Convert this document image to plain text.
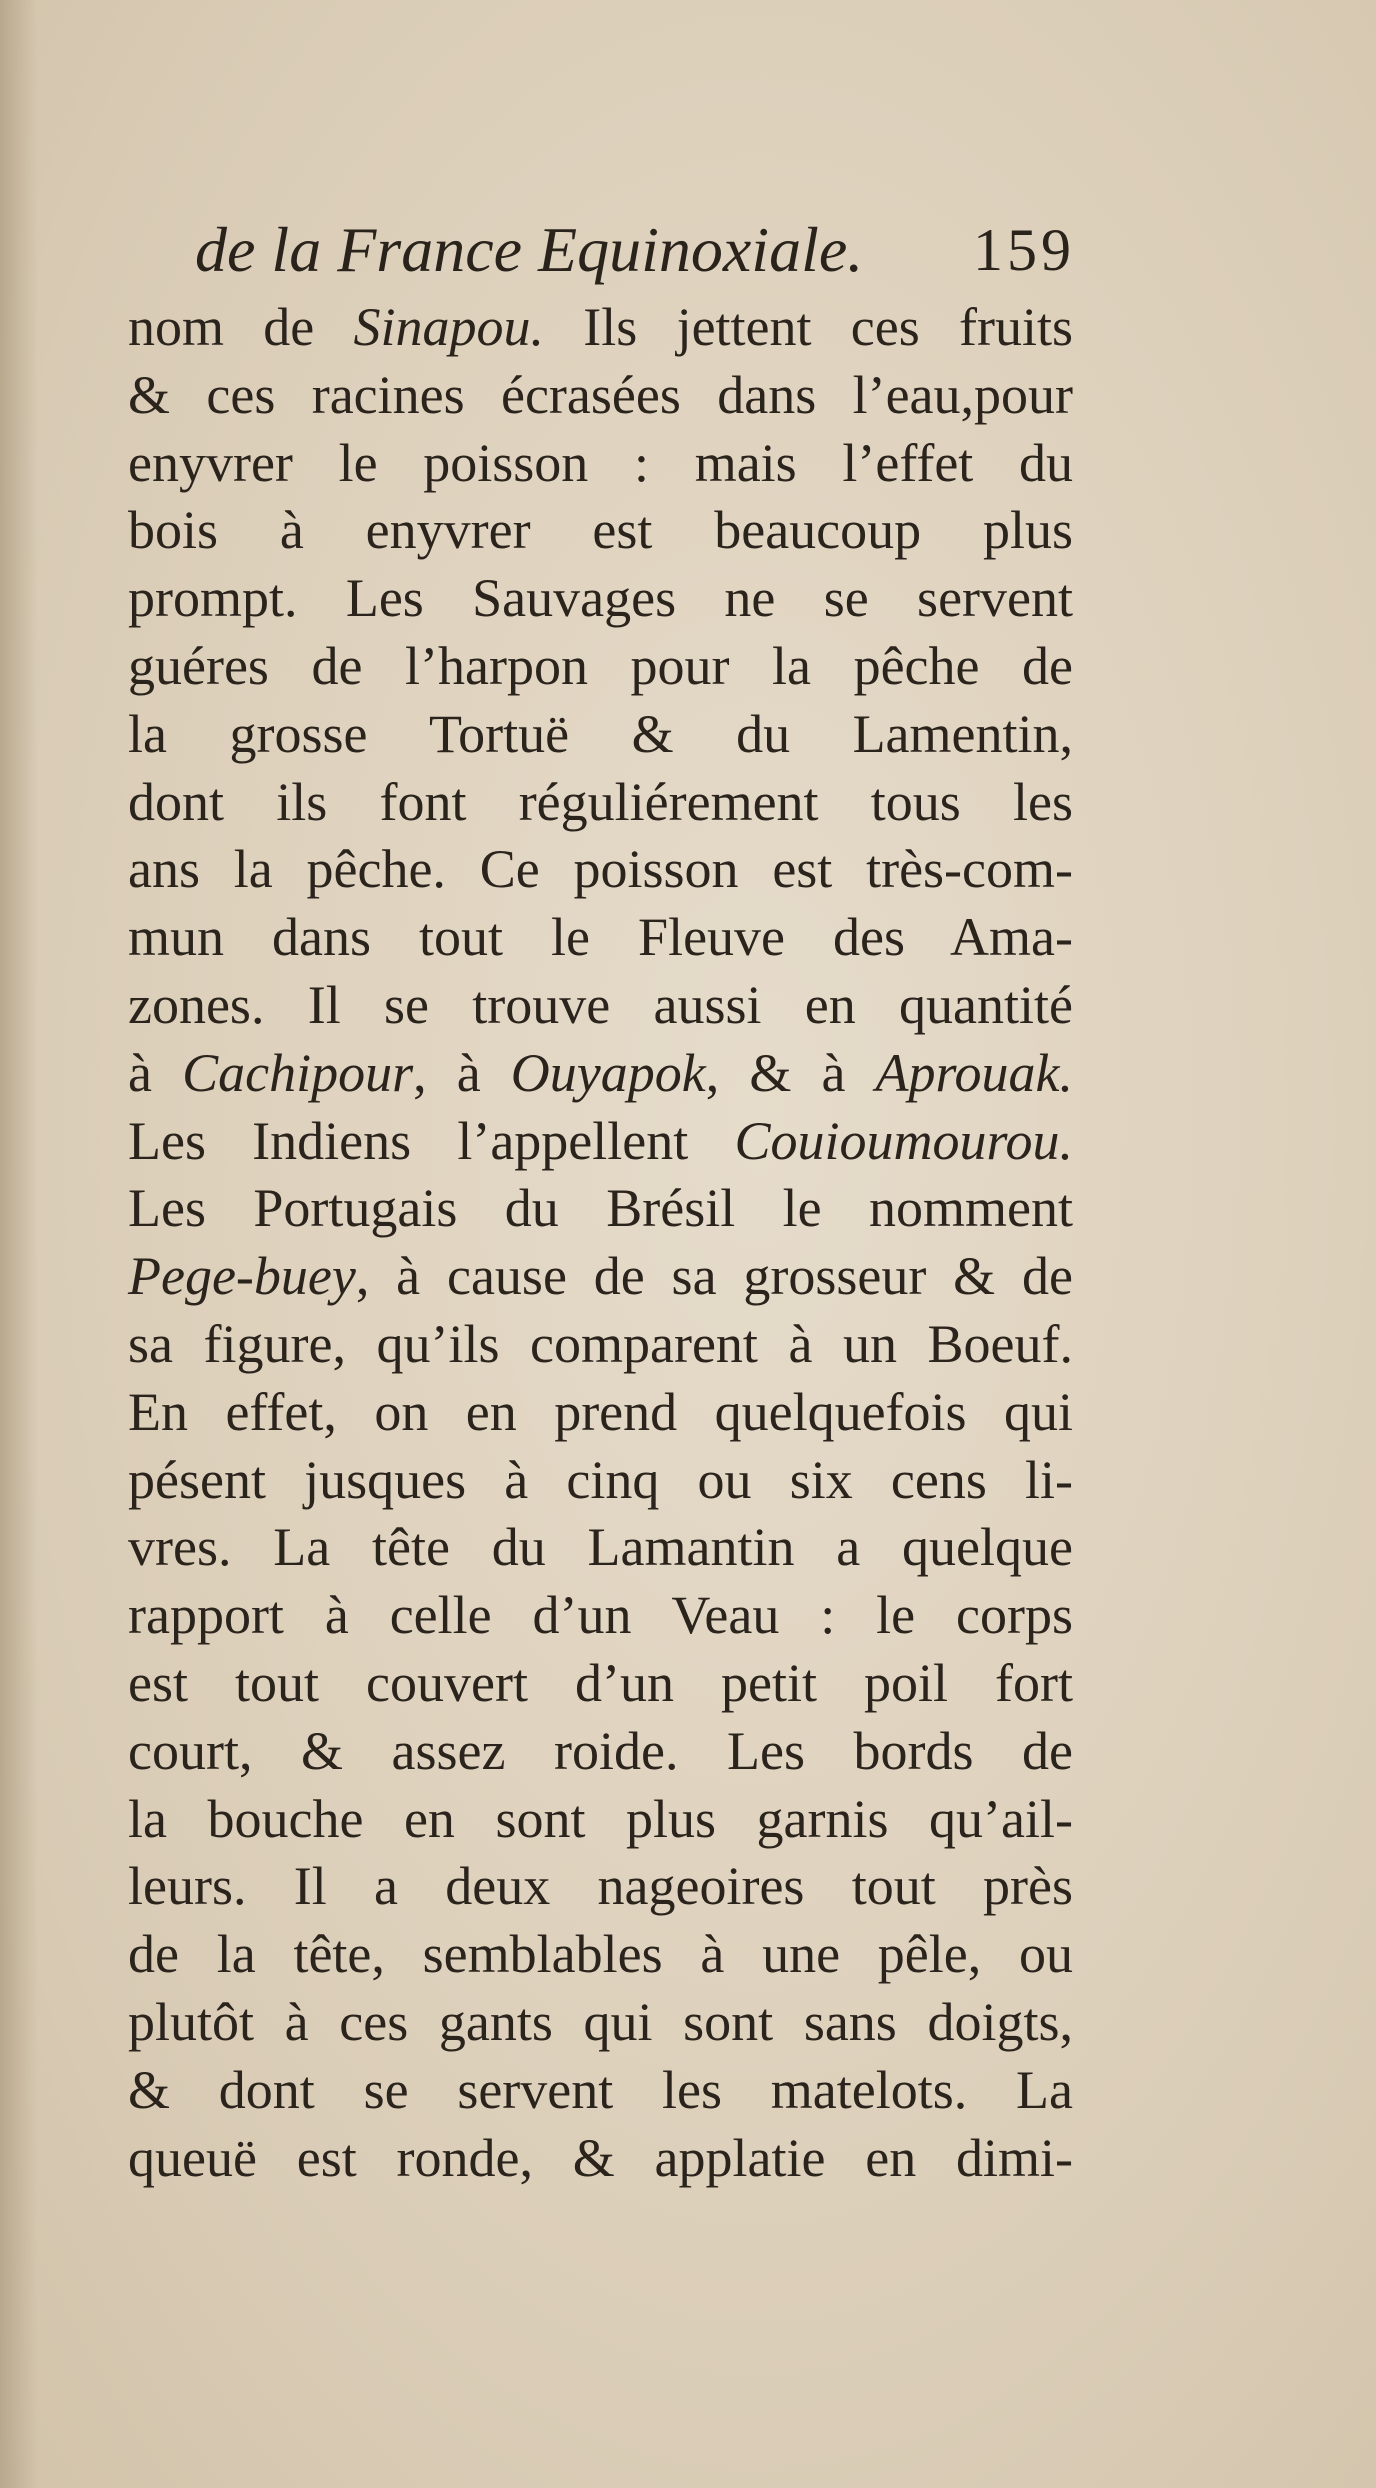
de la France Equinoxiale. 159
nom de Sinapou. Ils jettent ces fruits
& ces racines écrasées dans l’eau,pour
enyvrer le poisson : mais l’effet du
bois à enyvrer est beaucoup plus
prompt. Les Sauvages ne se servent
guéres de l’harpon pour la pêche de
la grosse Tortuë & du Lamentin,
dont ils font réguliérement tous les
ans la pêche. Ce poisson est très-com-
mun dans tout le Fleuve des Ama-
zones. Il se trouve aussi en quantité
à Cachipour, à Ouyapok, & à Aprouak.
Les Indiens l’appellent Couioumourou.
Les Portugais du Brésil le nomment
Pege-buey, à cause de sa grosseur & de
sa figure, qu’ils comparent à un Boeuf.
En effet, on en prend quelquefois qui
pésent jusques à cinq ou six cens li-
vres. La tête du Lamantin a quelque
rapport à celle d’un Veau : le corps
est tout couvert d’un petit poil fort
court, & assez roide. Les bords de
la bouche en sont plus garnis qu’ail-
leurs. Il a deux nageoires tout près
de la tête, semblables à une pêle, ou
plutôt à ces gants qui sont sans doigts,
& dont se servent les matelots. La
queuë est ronde, & applatie en dimi-
